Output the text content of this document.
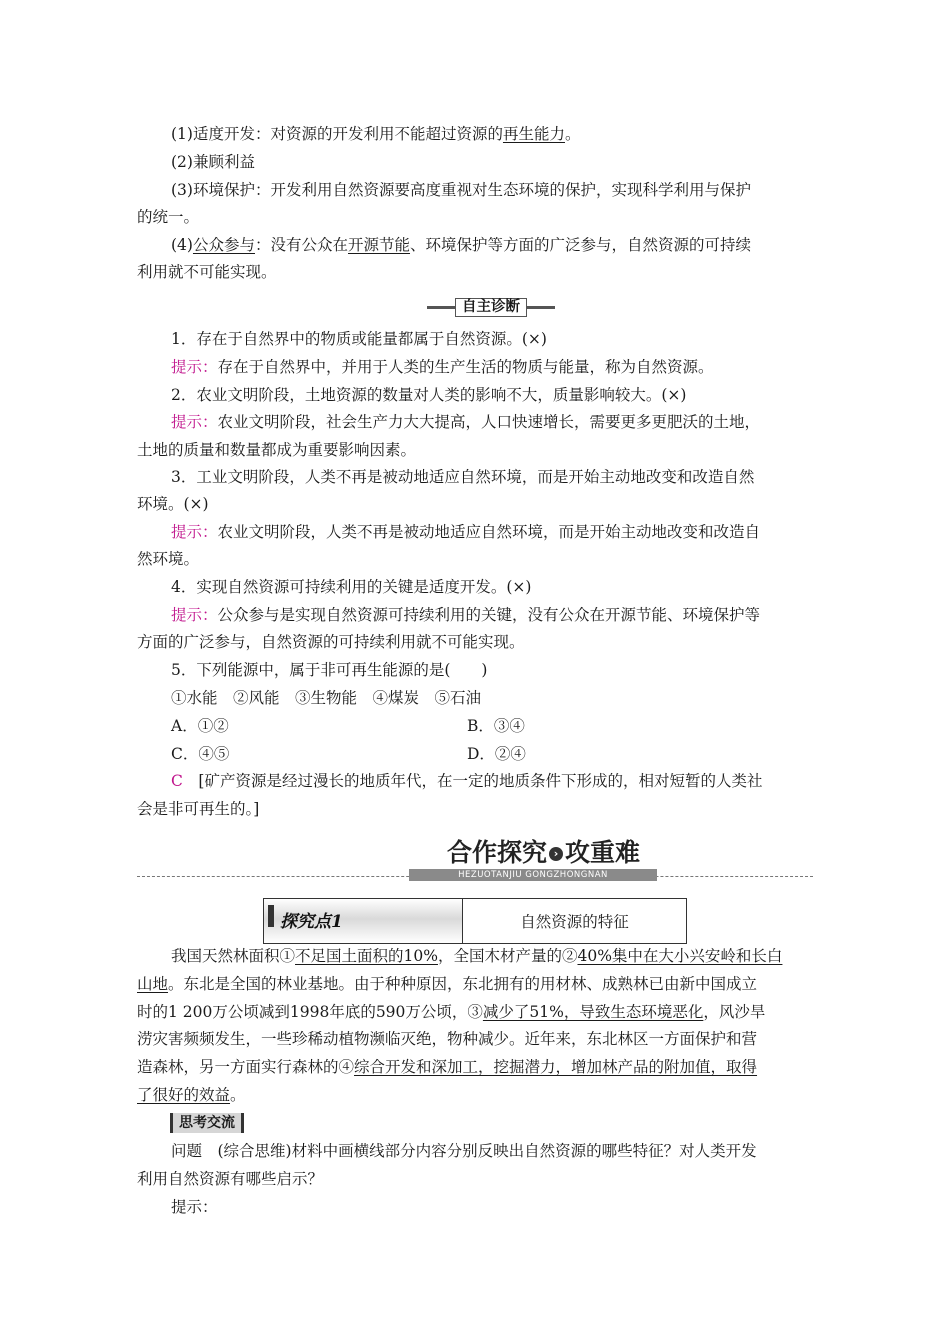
(1)适度开发：对资源的开发利用不能超过资源的再生能力。
(2)兼顾利益
(3)环境保护：开发利用自然资源要高度重视对生态环境的保护，实现科学利用与保护
的统一。
(4)公众参与：没有公众在开源节能、环境保护等方面的广泛参与，自然资源的可持续
利用就不可能实现。
自主诊断
1．存在于自然界中的物质或能量都属于自然资源。(×)
提示：存在于自然界中，并用于人类的生产生活的物质与能量，称为自然资源。
2．农业文明阶段，土地资源的数量对人类的影响不大，质量影响较大。(×)
提示：农业文明阶段，社会生产力大大提高，人口快速增长，需要更多更肥沃的土地，
土地的质量和数量都成为重要影响因素。
3．工业文明阶段，人类不再是被动地适应自然环境，而是开始主动地改变和改造自然
环境。(×)
提示：农业文明阶段，人类不再是被动地适应自然环境，而是开始主动地改变和改造自
然环境。
4．实现自然资源可持续利用的关键是适度开发。(×)
提示：公众参与是实现自然资源可持续利用的关键，没有公众在开源节能、环境保护等
方面的广泛参与，自然资源的可持续利用就不可能实现。
5．下列能源中，属于非可再生能源的是(　　)
①水能　②风能　③生物能　④煤炭　⑤石油
A．①②	B．③④
C．④⑤	D．②④
C　 [矿产资源是经过漫长的地质年代，在一定的地质条件下形成的，相对短暂的人类社
会是非可再生的。]
合作探究 › 攻重难
HEZUOTANJIU GONGZHONGNAN
探究点1	自然资源的特征
我国天然林面积①不足国土面积的10%，全国木材产量的②40%集中在大小兴安岭和长白
山地。东北是全国的林业基地。由于种种原因，东北拥有的用材林、成熟林已由新中国成立
时的1 200万公顷减到1998年底的590万公顷，③减少了51%，导致生态环境恶化，风沙旱
涝灾害频频发生，一些珍稀动植物濒临灭绝，物种减少。近年来，东北林区一方面保护和营
造森林，另一方面实行森林的④综合开发和深加工，挖掘潜力，增加林产品的附加值，取得
了很好的效益。
思考交流
问题　(综合思维)材料中画横线部分内容分别反映出自然资源的哪些特征？对人类开发
利用自然资源有哪些启示？
提示：
